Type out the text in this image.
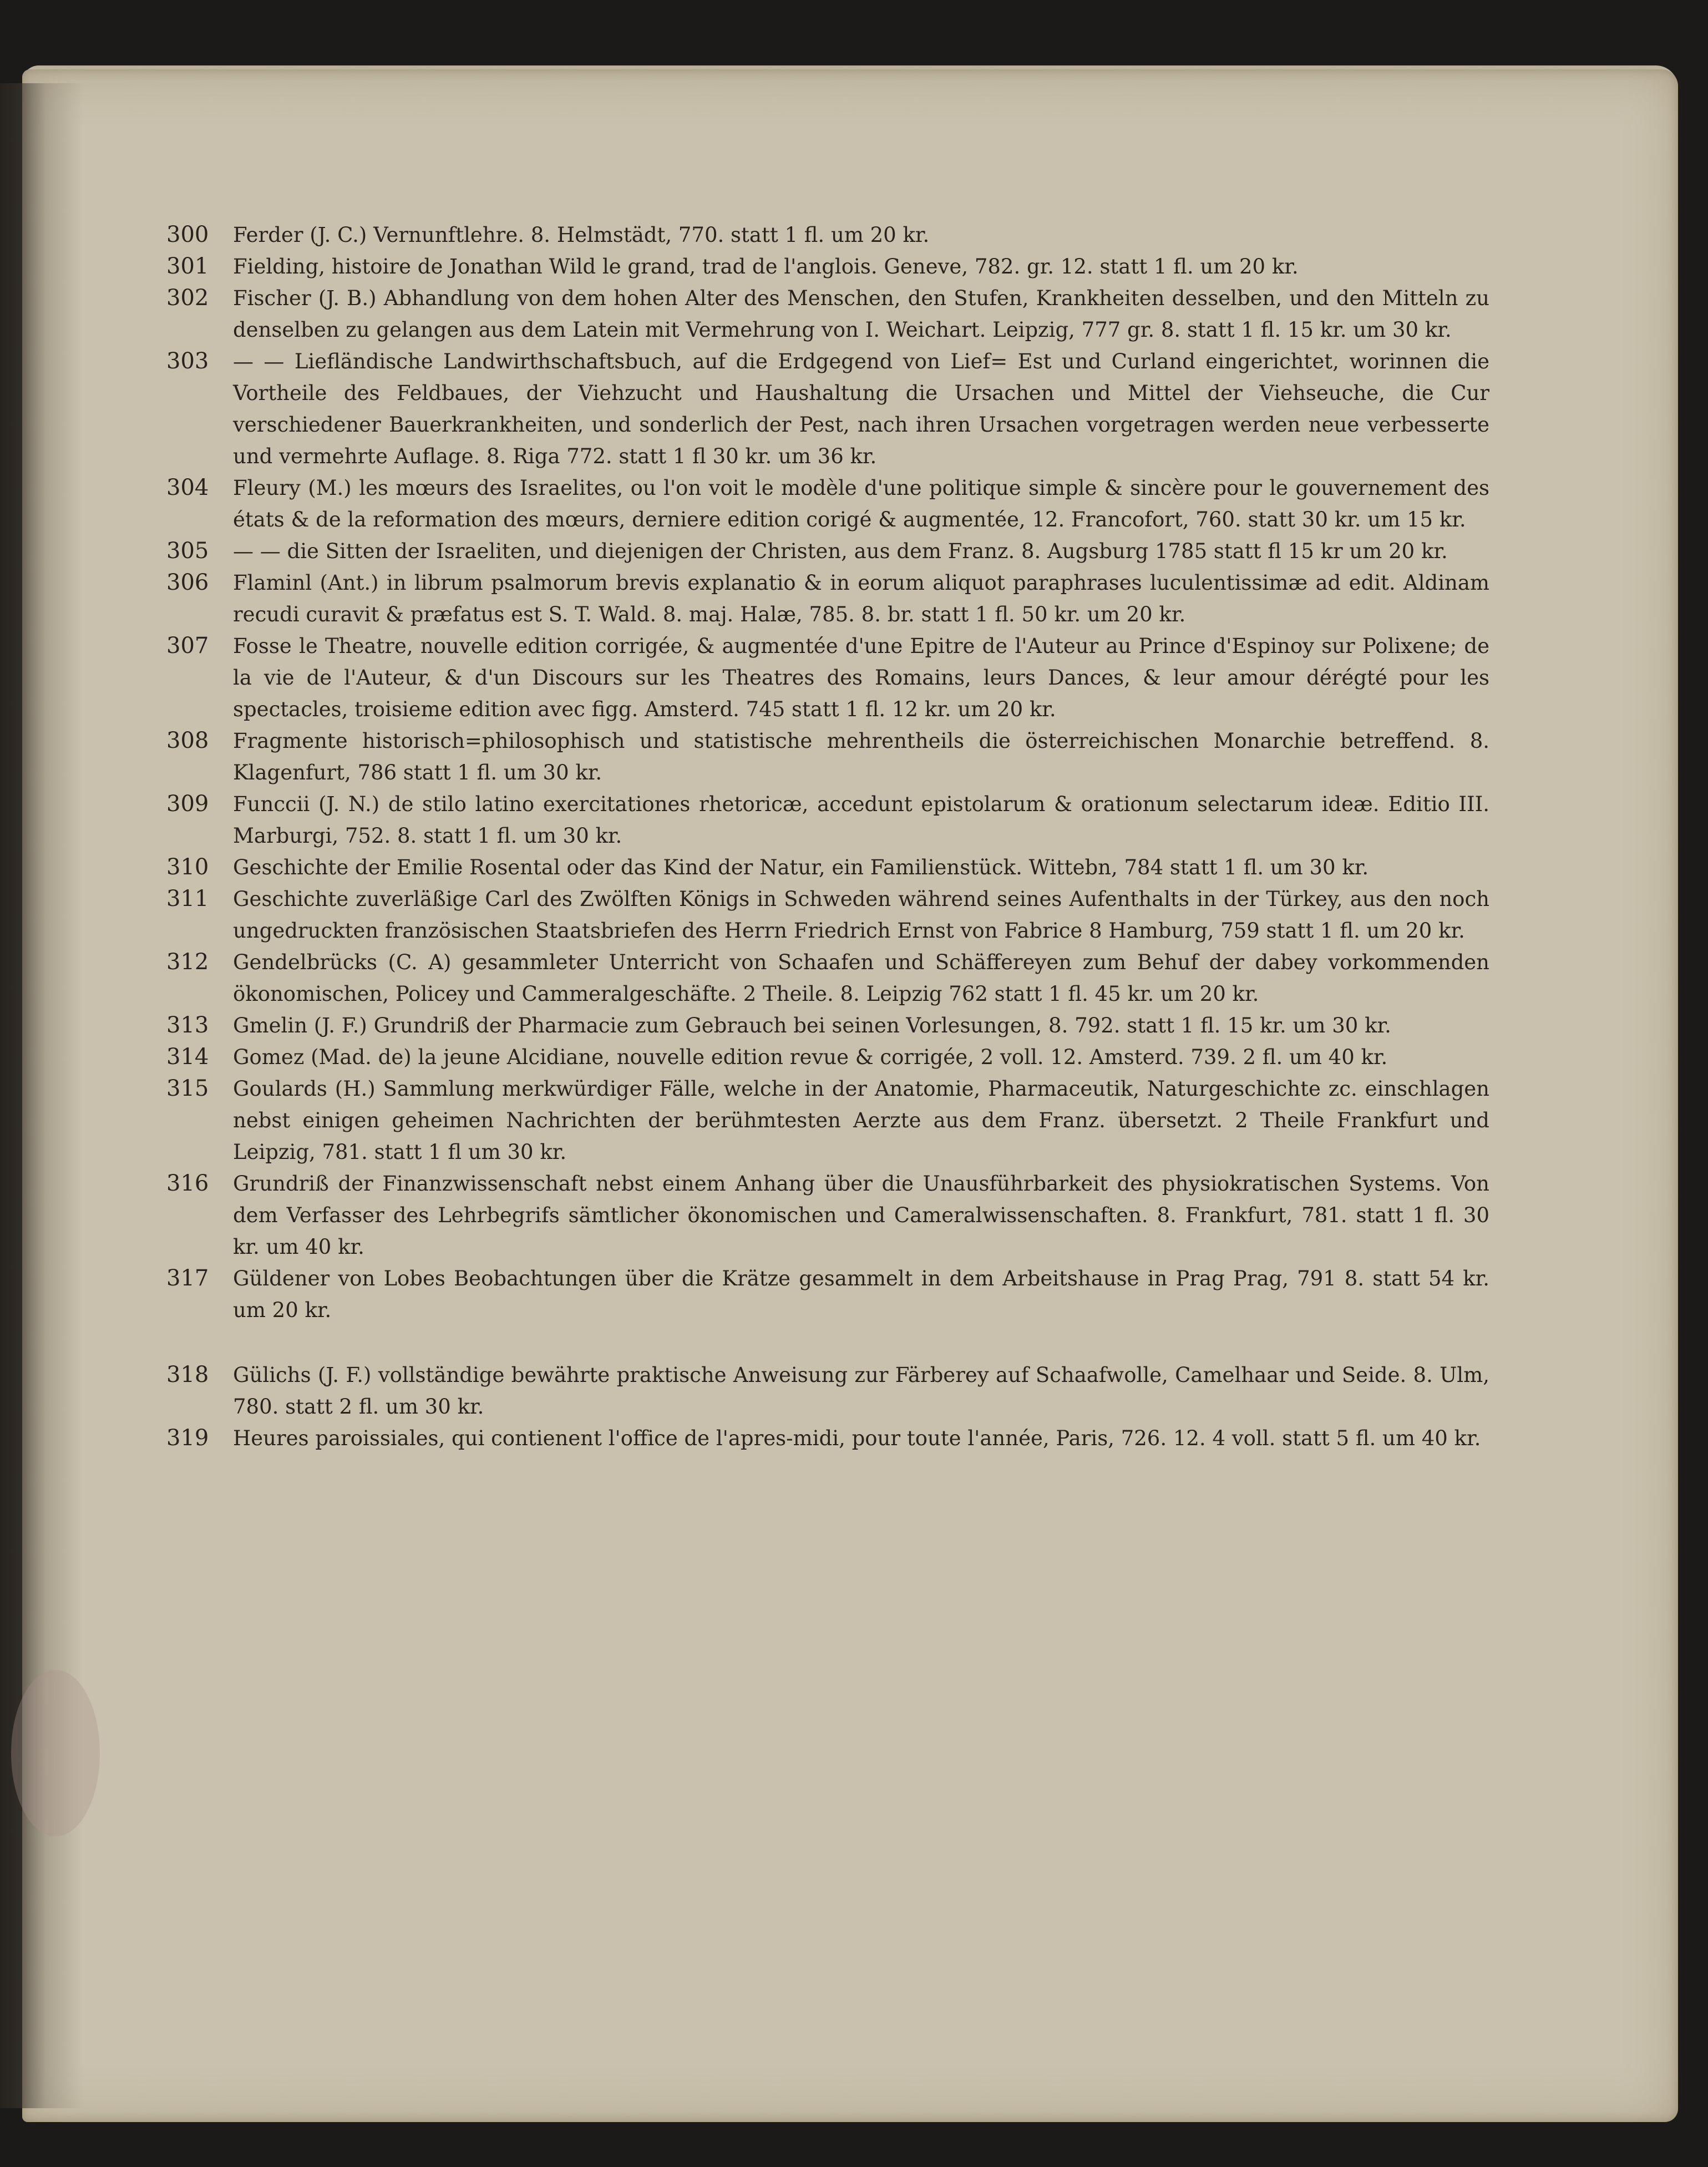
300	Ferder (J. C.) Vernunftlehre. 8. Helmstädt, 770. statt 1 fl. um 20 kr.
301	Fielding, histoire de Jonathan Wild le grand, trad de l'anglois. Geneve, 782. gr. 12. statt 1 fl. um 20 kr.
302	Fischer (J. B.) Abhandlung von dem hohen Alter des Menschen, den Stufen, Krankheiten desselben, und den Mitteln zu denselben zu gelangen aus dem Latein mit Vermehrung von I. Weichart. Leipzig, 777 gr. 8. statt 1 fl. 15 kr. um 30 kr.
303	— — Liefländische Landwirthschaftsbuch, auf die Erdgegend von Lief= Est und Curland eingerichtet, worinnen die Vortheile des Feldbaues, der Viehzucht und Haushaltung die Ursachen und Mittel der Viehseuche, die Cur verschiedener Bauerkrankheiten, und sonderlich der Pest, nach ihren Ursachen vorgetragen werden neue verbesserte und vermehrte Auflage. 8. Riga 772. statt 1 fl 30 kr. um 36 kr.
304	Fleury (M.) les mœurs des Israelites, ou l'on voit le modèle d'une politique simple & sincère pour le gouvernement des états & de la reformation des mœurs, derniere edition corigé & augmentée, 12. Francofort, 760. statt 30 kr. um 15 kr.
305	— — die Sitten der Israeliten, und diejenigen der Christen, aus dem Franz. 8. Augsburg 1785 statt fl 15 kr um 20 kr.
306	Flaminl (Ant.) in librum psalmorum brevis explanatio & in eorum aliquot paraphrases luculentissimæ ad edit. Aldinam recudi curavit & præfatus est S. T. Wald. 8. maj. Halæ, 785. 8. br. statt 1 fl. 50 kr. um 20 kr.
307	Fosse le Theatre, nouvelle edition corrigée, & augmentée d'une Epitre de l'Auteur au Prince d'Espinoy sur Polixene; de la vie de l'Auteur, & d'un Discours sur les Theatres des Romains, leurs Dances, & leur amour dérégté pour les spectacles, troisieme edition avec figg. Amsterd. 745 statt 1 fl. 12 kr. um 20 kr.
308	Fragmente historisch=philosophisch und statistische mehrentheils die österreichischen Monarchie betreffend. 8. Klagenfurt, 786 statt 1 fl. um 30 kr.
309	Funccii (J. N.) de stilo latino exercitationes rhetoricæ, accedunt epistolarum & orationum selectarum ideæ. Editio III. Marburgi, 752. 8. statt 1 fl. um 30 kr.
310	Geschichte der Emilie Rosental oder das Kind der Natur, ein Familienstück. Wittebn, 784 statt 1 fl. um 30 kr.
311	Geschichte zuverläßige Carl des Zwölften Königs in Schweden während seines Aufenthalts in der Türkey, aus den noch ungedruckten französischen Staatsbriefen des Herrn Friedrich Ernst von Fabrice 8 Hamburg, 759 statt 1 fl. um 20 kr.
312	Gendelbrücks (C. A) gesammleter Unterricht von Schaafen und Schäffereyen zum Behuf der dabey vorkommenden ökonomischen, Policey und Cammeralgeschäfte. 2 Theile. 8. Leipzig 762 statt 1 fl. 45 kr. um 20 kr.
313	Gmelin (J. F.) Grundriß der Pharmacie zum Gebrauch bei seinen Vorlesungen, 8. 792. statt 1 fl. 15 kr. um 30 kr.
314	Gomez (Mad. de) la jeune Alcidiane, nouvelle edition revue & corrigée, 2 voll. 12. Amsterd. 739. 2 fl. um 40 kr.
315	Goulards (H.) Sammlung merkwürdiger Fälle, welche in der Anatomie, Pharmaceutik, Naturgeschichte zc. einschlagen nebst einigen geheimen Nachrichten der berühmtesten Aerzte aus dem Franz. übersetzt. 2 Theile Frankfurt und Leipzig, 781. statt 1 fl um 30 kr.
316	Grundriß der Finanzwissenschaft nebst einem Anhang über die Unausführbarkeit des physiokratischen Systems. Von dem Verfasser des Lehrbegrifs sämtlicher ökonomischen und Cameralwissenschaften. 8. Frankfurt, 781. statt 1 fl. 30 kr. um 40 kr.
317	Güldener von Lobes Beobachtungen über die Krätze gesammelt in dem Arbeitshause in Prag Prag, 791 8. statt 54 kr. um 20 kr.
318	Gülichs (J. F.) vollständige bewährte praktische Anweisung zur Färberey auf Schaafwolle, Camelhaar und Seide. 8. Ulm, 780. statt 2 fl. um 30 kr.
319	Heures paroissiales, qui contienent l'office de l'apres-midi, pour toute l'année, Paris, 726. 12. 4 voll. statt 5 fl. um 40 kr.
